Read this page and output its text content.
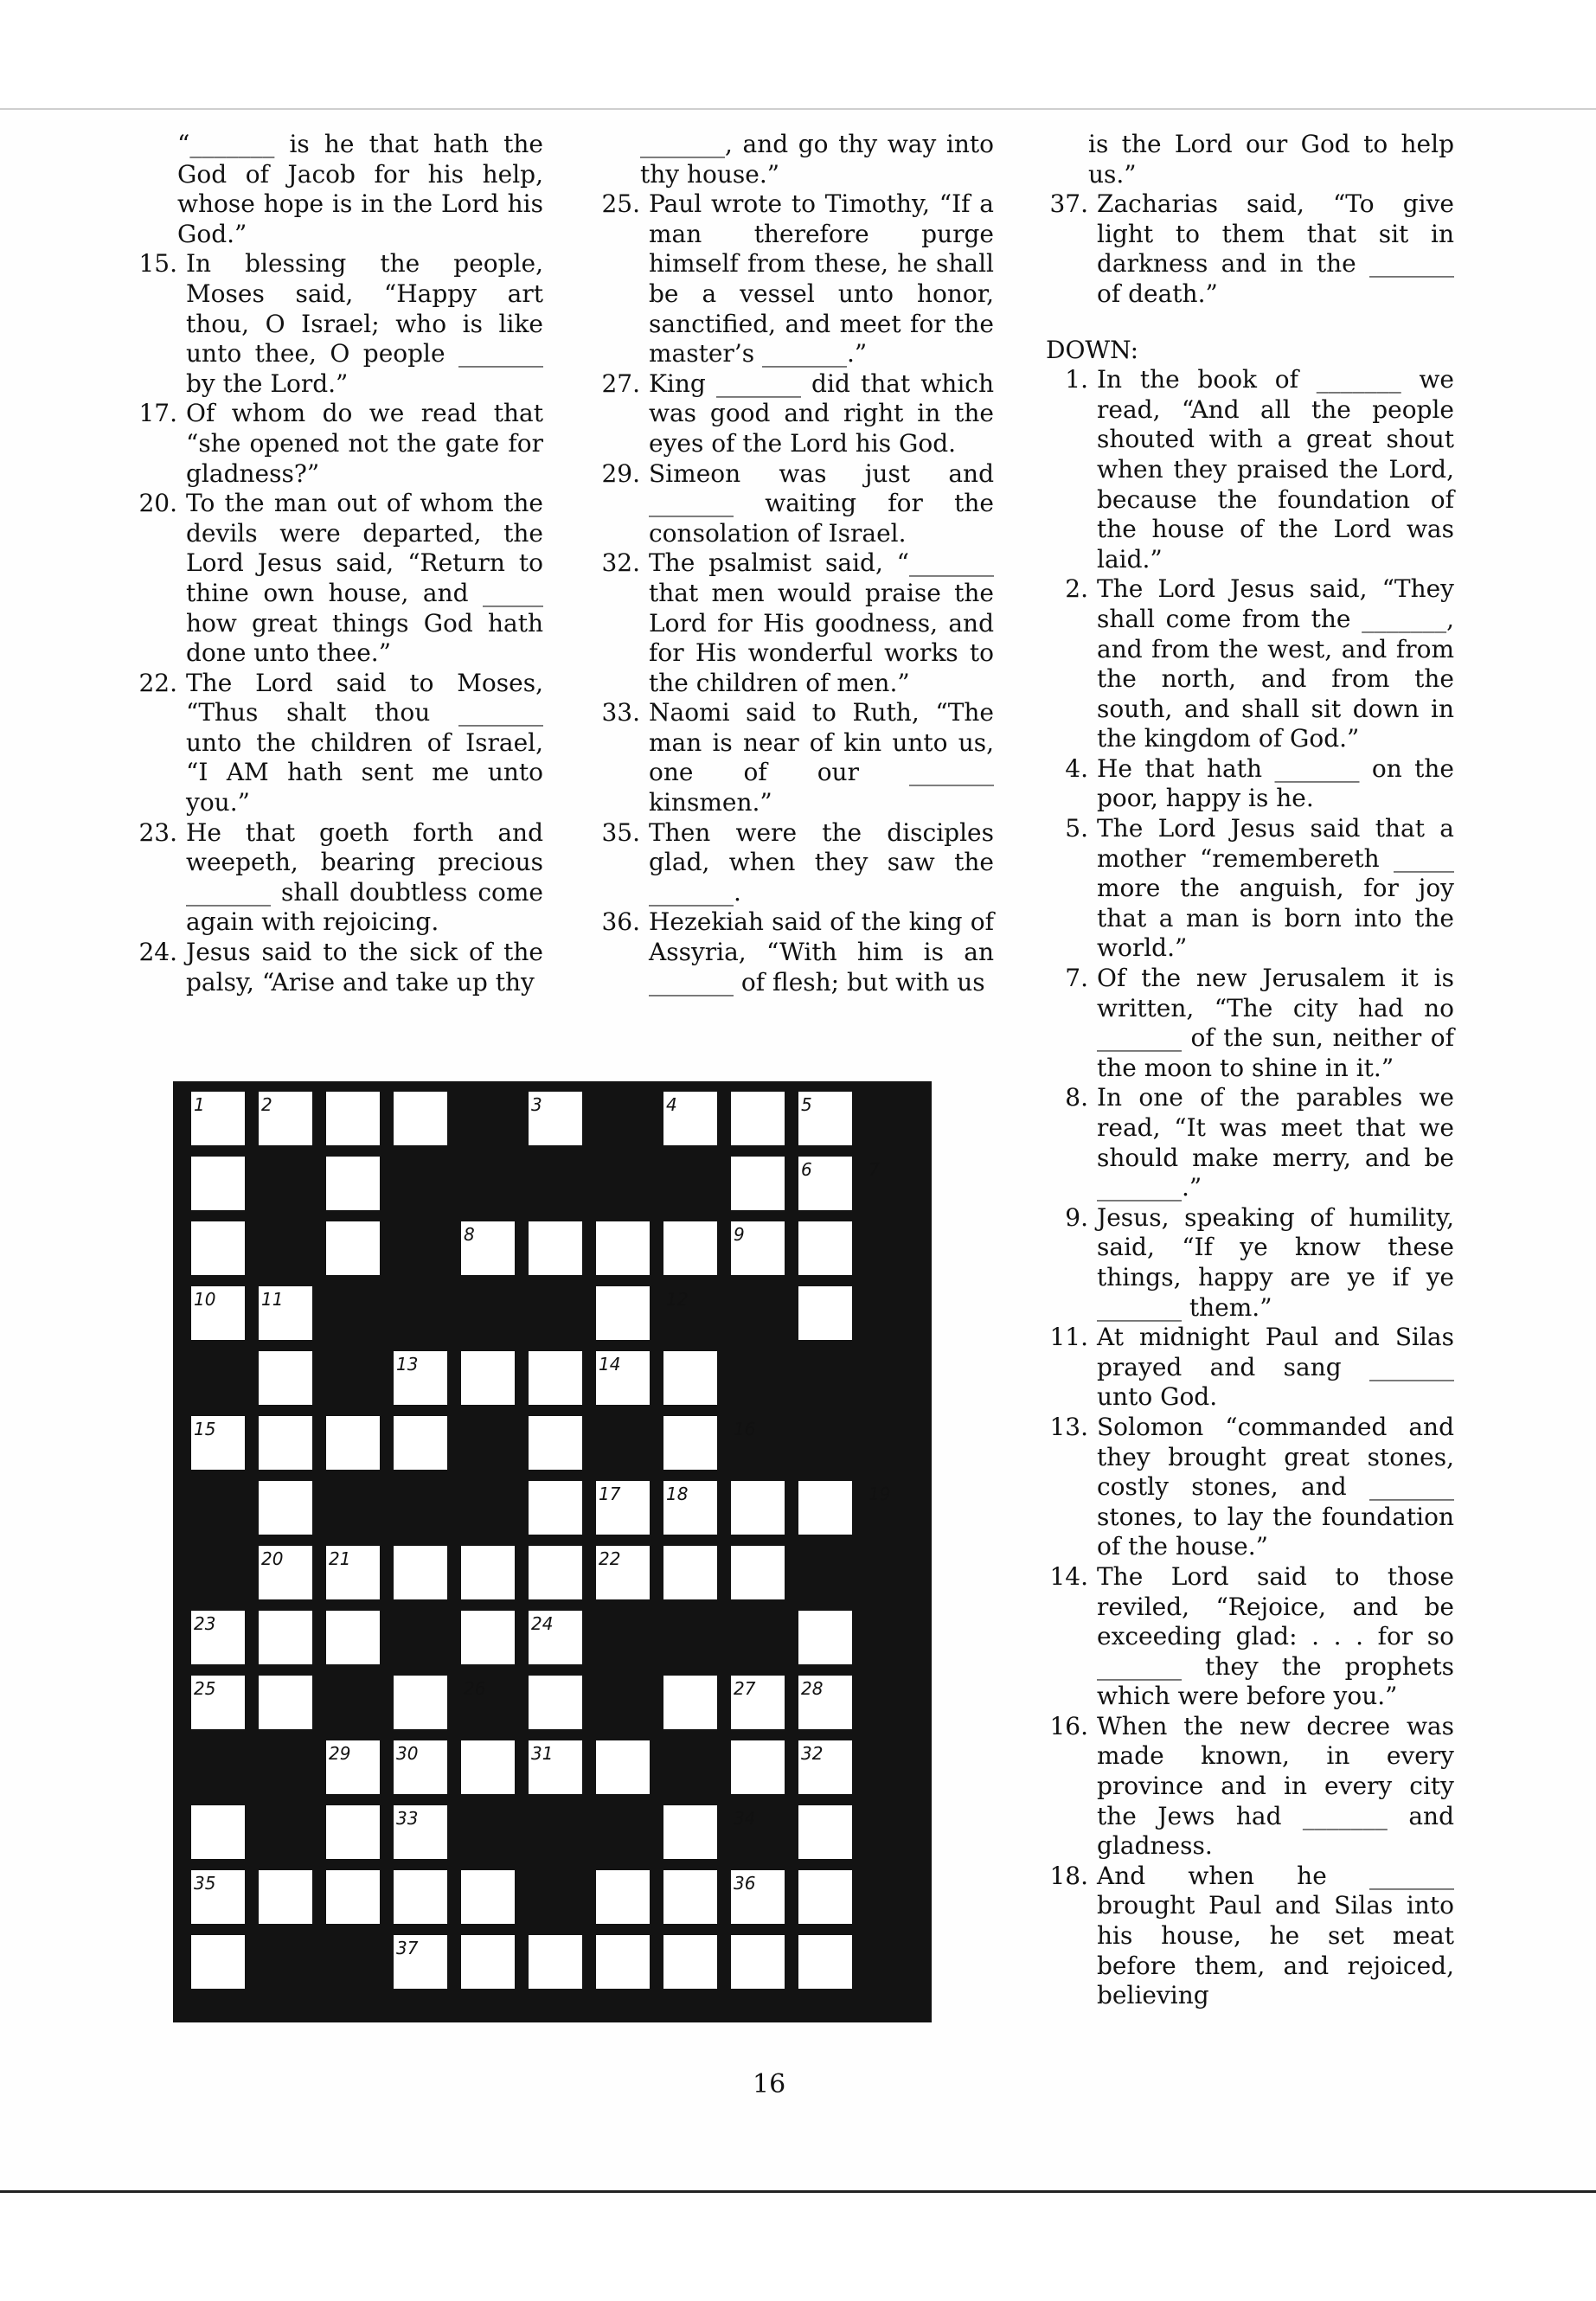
“_______ is he that hath the God of Jacob for his help, whose hope is in the Lord his God.”
15. In blessing the people, Moses said, “Happy art thou, O Israel; who is like unto thee, O people _______ by the Lord.”
17. Of whom do we read that “she opened not the gate for gladness?”
20. To the man out of whom the devils were departed, the Lord Jesus said, “Return to thine own house, and _____ how great things God hath done unto thee.”
22. The Lord said to Moses, “Thus shalt thou _______ unto the children of Israel, “I AM hath sent me unto you.”
23. He that goeth forth and weepeth, bearing precious _______ shall doubtless come again with rejoicing.
24. Jesus said to the sick of the palsy, “Arise and take up thy
_______, and go thy way into thy house.”
25. Paul wrote to Timothy, “If a man therefore purge himself from these, he shall be a vessel unto honor, sanctified, and meet for the master’s _______.”
27. King _______ did that which was good and right in the eyes of the Lord his God.
29. Simeon was just and _______ waiting for the consolation of Israel.
32. The psalmist said, “_______ that men would praise the Lord for His goodness, and for His wonderful works to the children of men.”
33. Naomi said to Ruth, “The man is near of kin unto us, one of our _______ kinsmen.”
35. Then were the disciples glad, when they saw the _______.
36. Hezekiah said of the king of Assyria, “With him is an _______ of flesh; but with us
is the Lord our God to help us.”
37. Zacharias said, “To give light to them that sit in darkness and in the _______ of death.”
DOWN:
1. In the book of _______ we read, “And all the people shouted with a great shout when they praised the Lord, because the foundation of the house of the Lord was laid.”
2. The Lord Jesus said, “They shall come from the _______, and from the west, and from the north, and from the south, and shall sit down in the kingdom of God.”
4. He that hath _______ on the poor, happy is he.
5. The Lord Jesus said that a mother “remembereth _____ more the anguish, for joy that a man is born into the world.”
7. Of the new Jerusalem it is written, “The city had no _______ of the sun, neither of the moon to shine in it.”
8. In one of the parables we read, “It was meet that we should make merry, and be _______.”
9. Jesus, speaking of humility, said, “If ye know these things, happy are ye if ye _______ them.”
11. At midnight Paul and Silas prayed and sang _______ unto God.
13. Solomon “commanded and they brought great stones, costly stones, and _______ stones, to lay the foundation of the house.”
14. The Lord said to those reviled, “Rejoice, and be exceeding glad: . . . for so _______ they the prophets which were before you.”
16. When the new decree was made known, in every province and in every city the Jews had _______ and gladness.
18. And when he _______ brought Paul and Silas into his house, he set meat before them, and rejoiced, believing
1	2	3	4	5
6	7
8	9
10	11	12
13	14
15	16
17	18	19
20	21	22
23	24
25	26	27	28
29	30	31	32
33	34
35	36
37
16
